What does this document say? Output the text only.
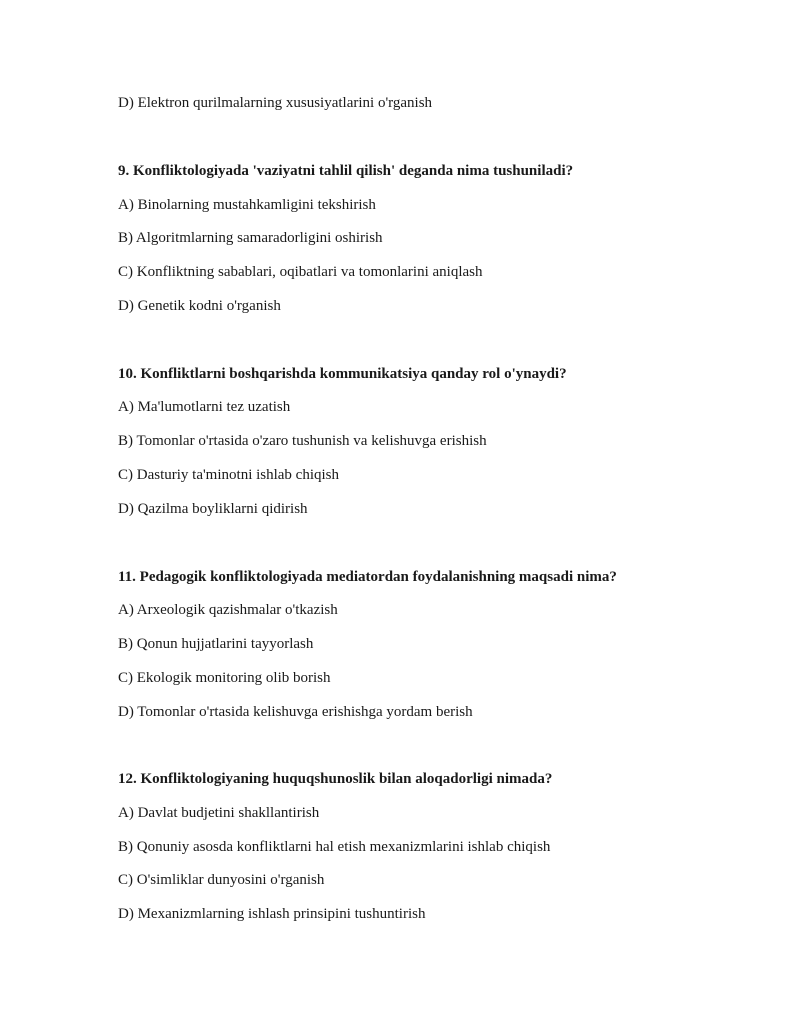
D) Elektron qurilmalarning xususiyatlarini o'rganish
9. Konfliktologiyada 'vaziyatni tahlil qilish' deganda nima tushuniladi?
A) Binolarning mustahkamligini tekshirish
B) Algoritmlarning samaradorligini oshirish
C) Konfliktning sabablari, oqibatlari va tomonlarini aniqlash
D) Genetik kodni o'rganish
10. Konfliktlarni boshqarishda kommunikatsiya qanday rol o'ynaydi?
A) Ma'lumotlarni tez uzatish
B) Tomonlar o'rtasida o'zaro tushunish va kelishuvga erishish
C) Dasturiy ta'minotni ishlab chiqish
D) Qazilma boyliklarni qidirish
11. Pedagogik konfliktologiyada mediatordan foydalanishning maqsadi nima?
A) Arxeologik qazishmalar o'tkazish
B) Qonun hujjatlarini tayyorlash
C) Ekologik monitoring olib borish
D) Tomonlar o'rtasida kelishuvga erishishga yordam berish
12. Konfliktologiyaning huquqshunoslik bilan aloqadorligi nimada?
A) Davlat budjetini shakllantirish
B) Qonuniy asosda konfliktlarni hal etish mexanizmlarini ishlab chiqish
C) O'simliklar dunyosini o'rganish
D) Mexanizmlarning ishlash prinsipini tushuntirish
